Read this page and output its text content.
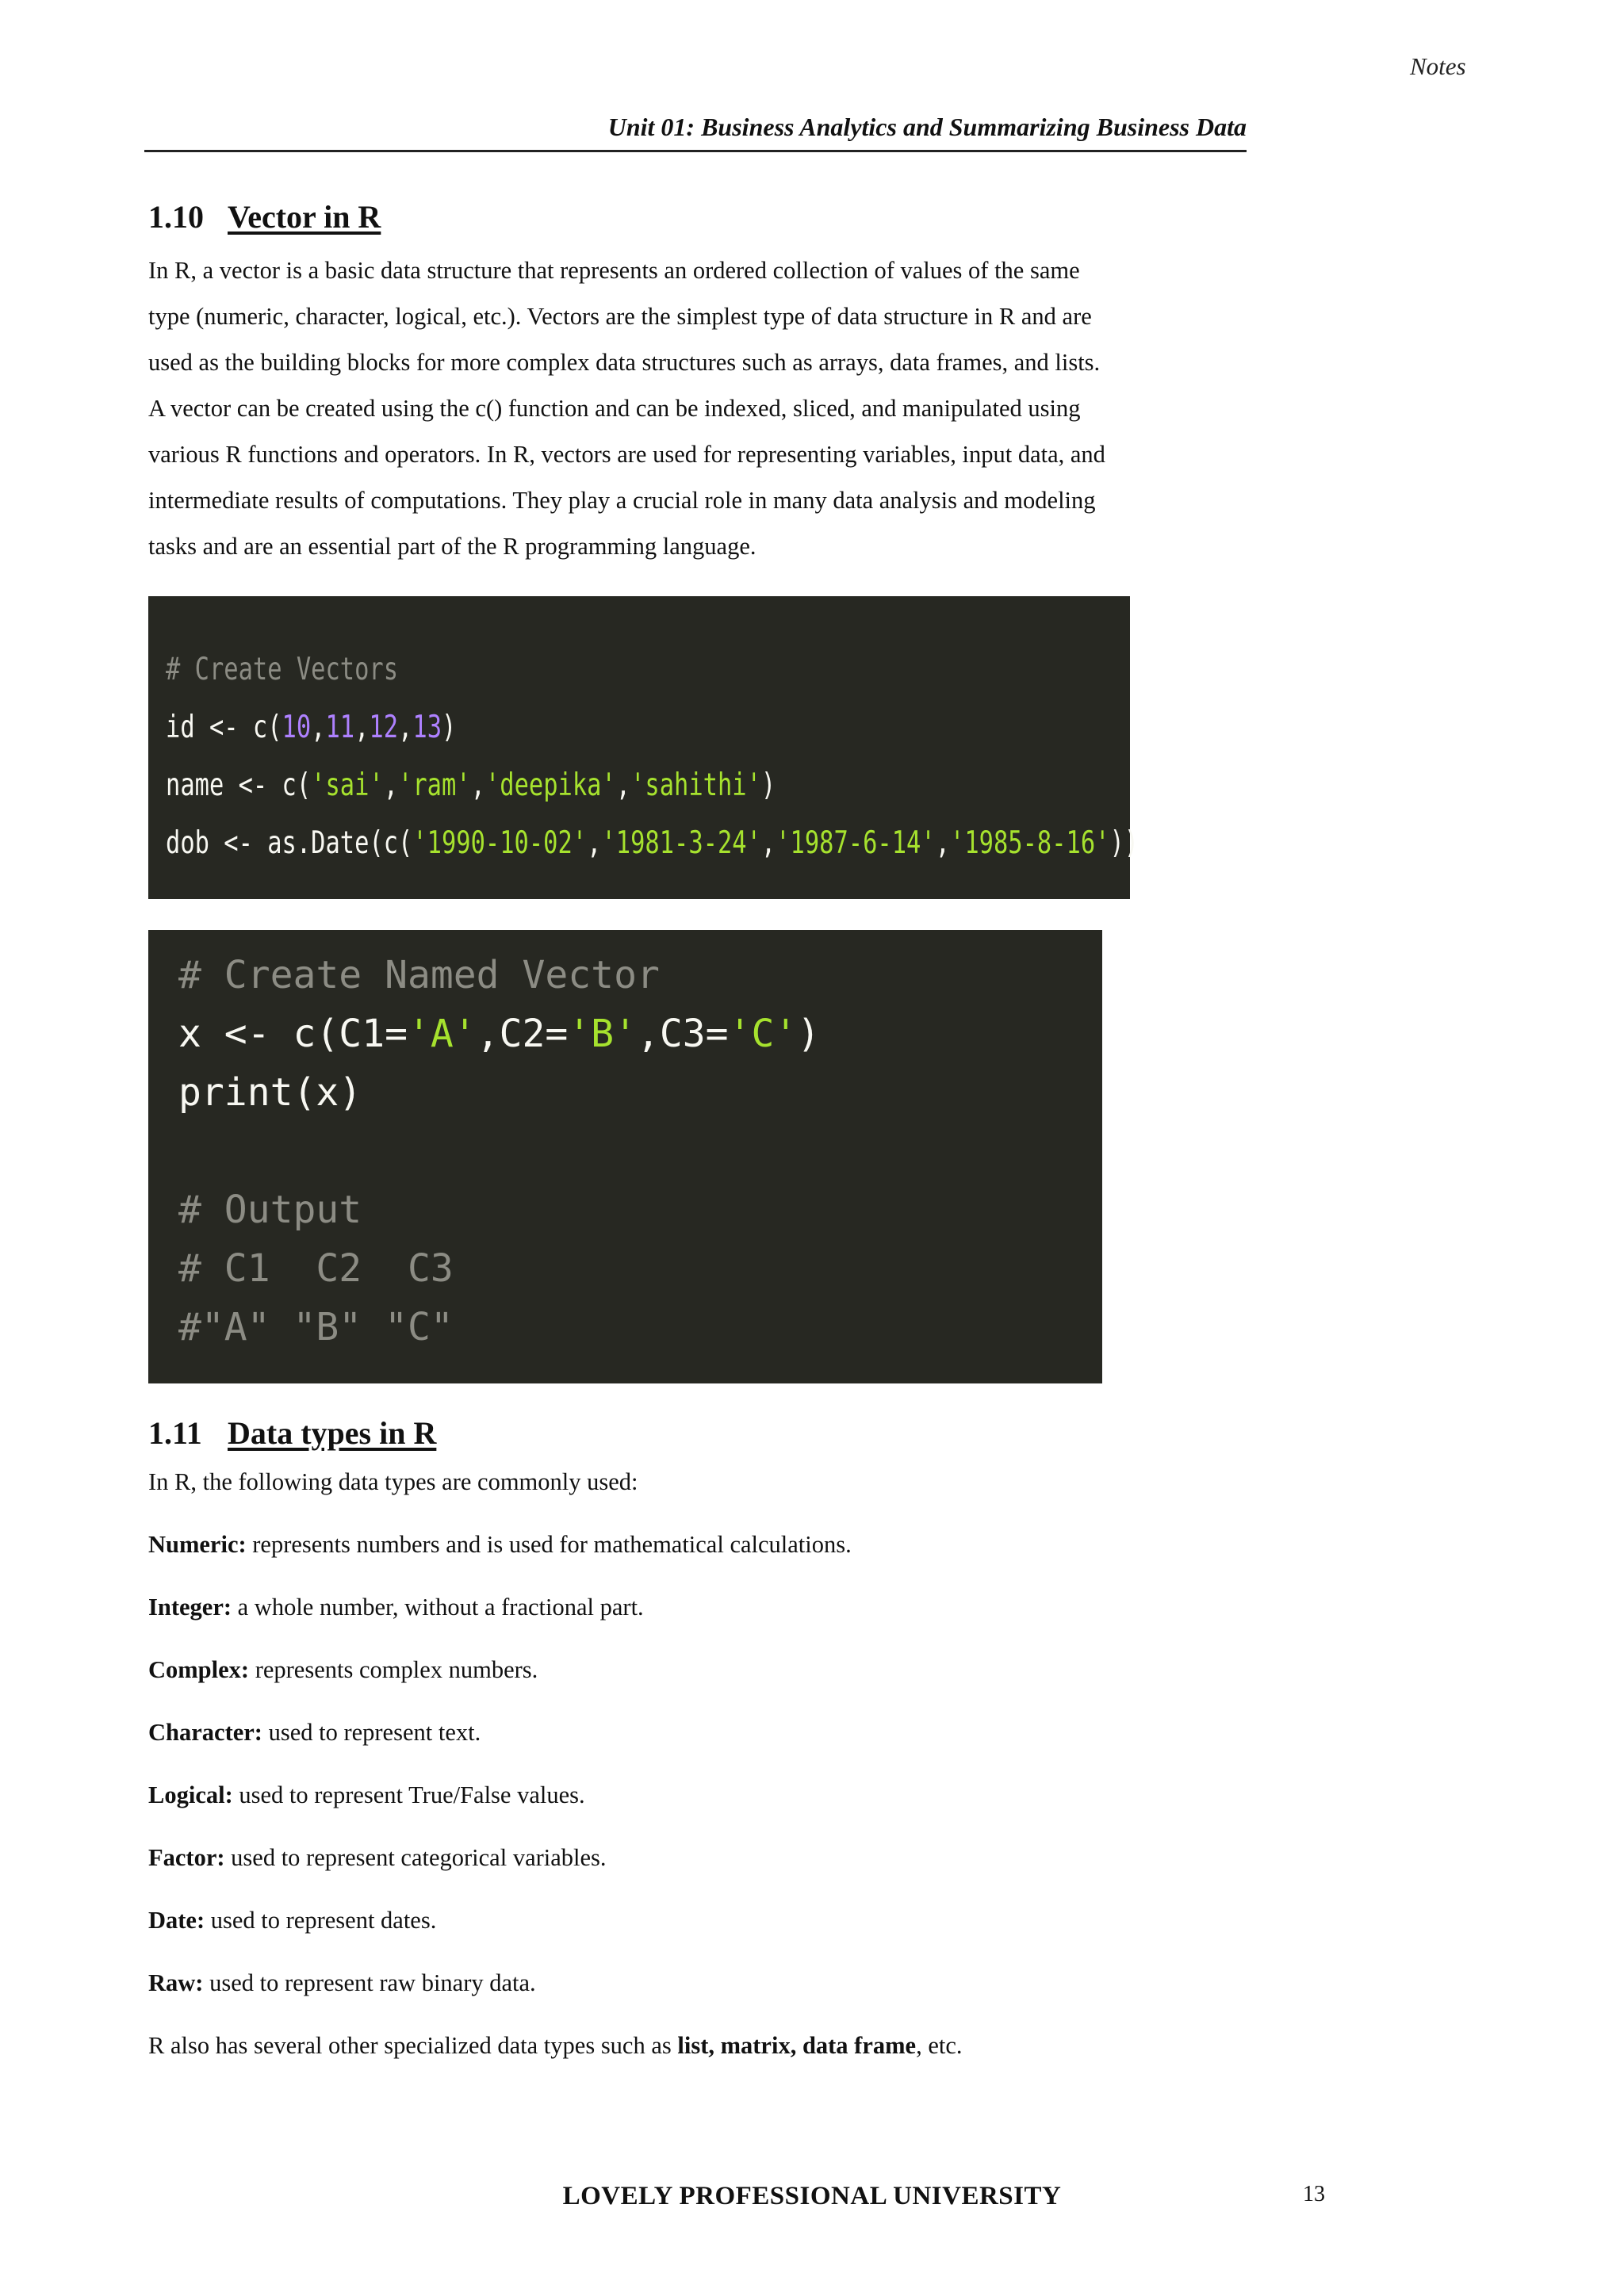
Notes
Unit 01: Business Analytics and Summarizing Business Data
1.10 Vector in R
In R, a vector is a basic data structure that represents an ordered collection of values of the same
type (numeric, character, logical, etc.). Vectors are the simplest type of data structure in R and are
used as the building blocks for more complex data structures such as arrays, data frames, and lists.
A vector can be created using the c() function and can be indexed, sliced, and manipulated using
various R functions and operators. In R, vectors are used for representing variables, input data, and
intermediate results of computations. They play a crucial role in many data analysis and modeling
tasks and are an essential part of the R programming language.
# Create Vectors
id <- c(10,11,12,13)
name <- c('sai','ram','deepika','sahithi')
dob <- as.Date(c('1990-10-02','1981-3-24','1987-6-14','1985-8-16'))
# Create Named Vector
x <- c(C1='A',C2='B',C3='C')
print(x)

# Output
# C1  C2  C3
#"A" "B" "C"
1.11 Data types in R
In R, the following data types are commonly used:
Numeric: represents numbers and is used for mathematical calculations.
Integer: a whole number, without a fractional part.
Complex: represents complex numbers.
Character: used to represent text.
Logical: used to represent True/False values.
Factor: used to represent categorical variables.
Date: used to represent dates.
Raw: used to represent raw binary data.
R also has several other specialized data types such as list, matrix, data frame, etc.
LOVELY PROFESSIONAL UNIVERSITY	13
